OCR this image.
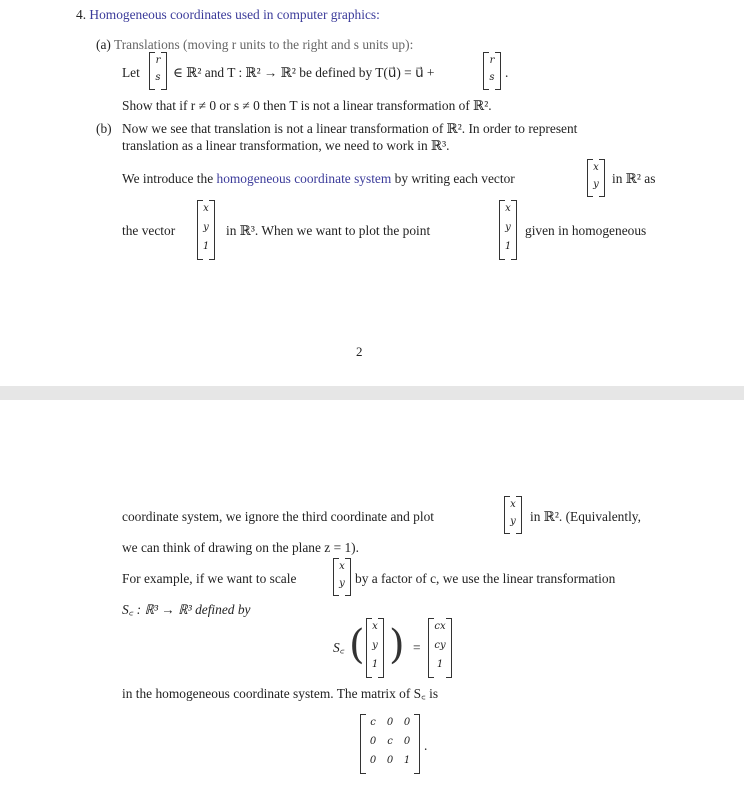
4. Homogeneous coordinates used in computer graphics:
(a) Translations (moving r units to the right and s units up):
Let
r
s ∈ ℝ² and T : ℝ² → ℝ² be defined by T(u⃗) = u⃗ +
r
s .
Show that if r ≠ 0 or s ≠ 0 then T is not a linear transformation of ℝ².
(b) Now we see that translation is not a linear transformation of ℝ². In order to represent
translation as a linear transformation, we need to work in ℝ³.
We introduce the homogeneous coordinate system by writing each vector
x
y in ℝ² as
the vector
x
y
1
in ℝ³. When we want to plot the point
x
y
1
given in homogeneous
2
coordinate system, we ignore the third coordinate and plot
x
y	in ℝ². (Equivalently,
we can think of drawing on the plane z = 1).
For example, if we want to scale
x
y by a factor of c, we use the linear transformation
S꜀ : ℝ³ → ℝ³ defined by
S꜀ ( x
y
1 ) =
cx
cy
1
in the homogeneous coordinate system. The matrix of S꜀ is
c	0	0
0	c	0
0	0	1
.
